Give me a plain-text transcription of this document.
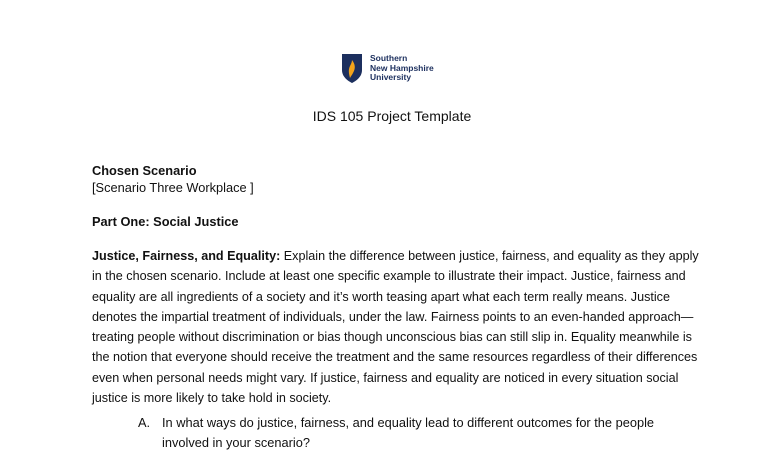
Southern
New Hampshire
University
IDS 105 Project Template
Chosen Scenario
[Scenario Three Workplace ]
Part One: Social Justice
Justice, Fairness, and Equality: Explain the difference between justice, fairness, and equality as they apply in the chosen scenario. Include at least one specific example to illustrate their impact. Justice, fairness and equality are all ingredients of a society and it’s worth teasing apart what each term really means. Justice denotes the impartial treatment of individuals, under the law. Fairness points to an even-handed approach—treating people without discrimination or bias though unconscious bias can still slip in. Equality meanwhile is the notion that everyone should receive the treatment and the same resources regardless of their differences even when personal needs might vary. If justice, fairness and equality are noticed in every situation social justice is more likely to take hold in society.
A. In what ways do justice, fairness, and equality lead to different outcomes for the people involved in your scenario?
